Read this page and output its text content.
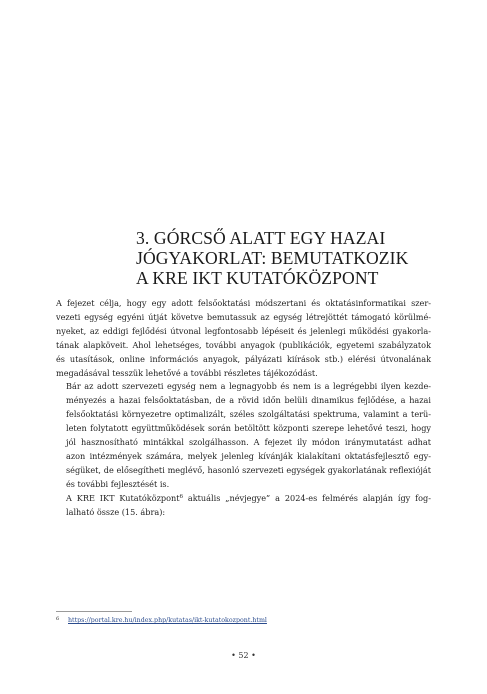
3. GÓRCSŐ ALATT EGY HAZAI
JÓGYAKORLAT: BEMUTATKOZIK
A KRE IKT KUTATÓKÖZPONT

A fejezet célja, hogy egy adott felsőoktatási módszertani és oktatásinformatikai szer-
vezeti egység egyéni útját követve bemutassuk az egység létrejöttét támogató körülmé-
nyeket, az eddigi fejlődési útvonal legfontosabb lépéseit és jelenlegi működési gyakorla-
tának alapköveit. Ahol lehetséges, további anyagok (publikációk, egyetemi szabályzatok
és utasítások, online információs anyagok, pályázati kiírások stb.) elérési útvonalának
megadásával tesszük lehetővé a további részletes tájékozódást.

Bár az adott szervezeti egység nem a legnagyobb és nem is a legrégebbi ilyen kezde-
ményezés a hazai felsőoktatásban, de a rövid időn belüli dinamikus fejlődése, a hazai
felsőoktatási környezetre optimalizált, széles szolgáltatási spektruma, valamint a terü-
leten folytatott együttműködések során betöltött központi szerepe lehetővé teszi, hogy
jól hasznosítható mintákkal szolgálhasson. A fejezet ily módon iránymutatást adhat
azon intézmények számára, melyek jelenleg kívánják kialakítani oktatásfejlesztő egy-
ségüket, de elősegítheti meglévő, hasonló szervezeti egységek gyakorlatának reflexióját
és további fejlesztését is.

A KRE IKT Kutatóközpont$^6$ aktuális „névjegye” a 2024-es felmérés alapján így fog-
lalható össze (15. ábra):

6 https://portal.kre.hu/index.php/kutatas/ikt-kutatokozpont.html
• 52 •
